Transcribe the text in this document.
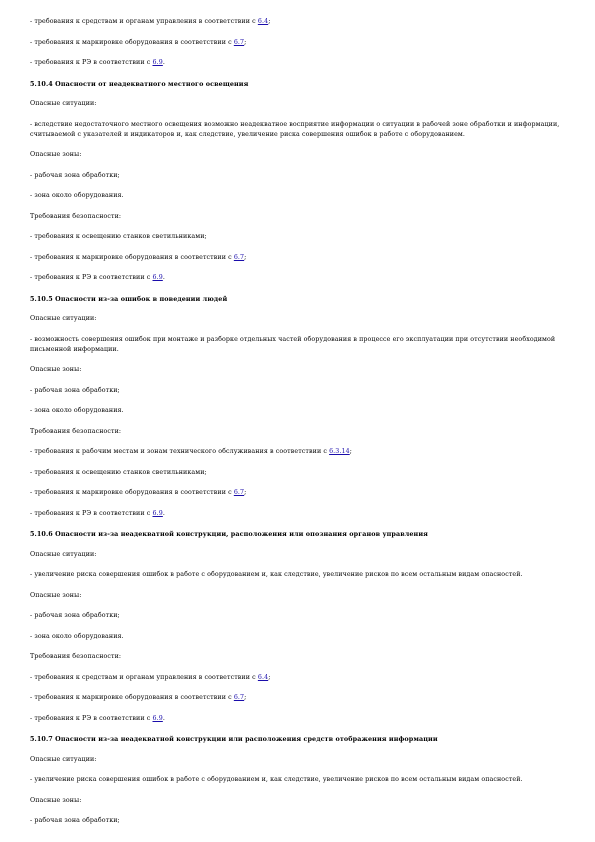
- требования к средствам и органам управления в соответствии с 6.4;
- требования к маркировке оборудования в соответствии с 6.7;
- требования к РЭ в соответствии с 6.9.
5.10.4 Опасности от неадекватного местного освещения
Опасные ситуации:
- вследствие недостаточного местного освещения возможно неадекватное восприятие информации о ситуации в рабочей зоне обработки и информации, считываемой с указателей и индикаторов и, как следствие, увеличение риска совершения ошибок в работе с оборудованием.
Опасные зоны:
- рабочая зона обработки;
- зона около оборудования.
Требования безопасности:
- требования к освещению станков светильниками;
- требования к маркировке оборудования в соответствии с 6.7;
- требования к РЭ в соответствии с 6.9.
5.10.5 Опасности из-за ошибок в поведении людей
Опасные ситуации:
- возможность совершения ошибок при монтаже и разборке отдельных частей оборудования в процессе его эксплуатации при отсутствии необходимой письменной информации.
Опасные зоны:
- рабочая зона обработки;
- зона около оборудования.
Требования безопасности:
- требования к рабочим местам и зонам технического обслуживания в соответствии с 6.3.14;
- требования к освещению станков светильниками;
- требования к маркировке оборудования в соответствии с 6.7;
- требования к РЭ в соответствии с 6.9.
5.10.6 Опасности из-за неадекватной конструкции, расположения или опознания органов управления
Опасные ситуации:
- увеличение риска совершения ошибок в работе с оборудованием и, как следствие, увеличение рисков по всем остальным видам опасностей.
Опасные зоны:
- рабочая зона обработки;
- зона около оборудования.
Требования безопасности:
- требования к средствам и органам управления в соответствии с 6.4;
- требования к маркировке оборудования в соответствии с 6.7;
- требования к РЭ в соответствии с 6.9.
5.10.7 Опасности из-за неадекватной конструкции или расположения средств отображения информации
Опасные ситуации:
- увеличение риска совершения ошибок в работе с оборудованием и, как следствие, увеличение рисков по всем остальным видам опасностей.
Опасные зоны:
- рабочая зона обработки;
